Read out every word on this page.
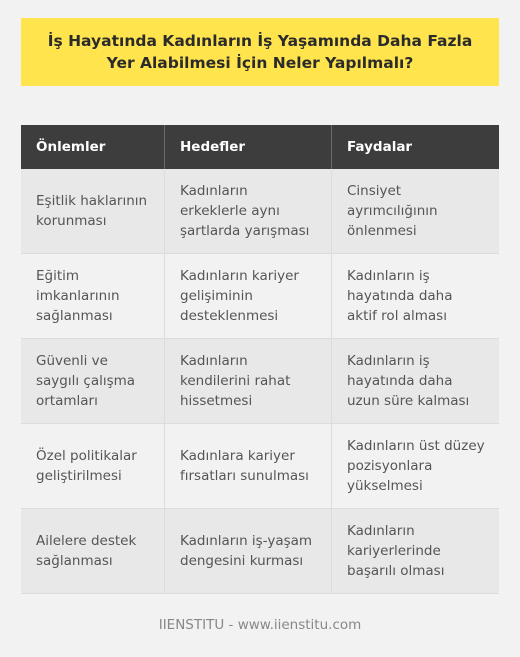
İş Hayatında Kadınların İş Yaşamında Daha Fazla Yer Alabilmesi İçin Neler Yapılmalı?
Önlemler	Hedefler	Faydalar
Eşitlik haklarının korunması
Kadınların erkeklerle aynı şartlarda yarışması
Cinsiyet ayrımcılığının önlenmesi
Eğitim imkanlarının sağlanması
Kadınların kariyer gelişiminin desteklenmesi
Kadınların iş hayatında daha aktif rol alması
Güvenli ve saygılı çalışma ortamları
Kadınların kendilerini rahat hissetmesi
Kadınların iş hayatında daha uzun süre kalması
Özel politikalar geliştirilmesi
Kadınlara kariyer fırsatları sunulması
Kadınların üst düzey pozisyonlara yükselmesi
Ailelere destek sağlanması
Kadınların iş-yaşam dengesini kurması
Kadınların kariyerlerinde başarılı olması
IIENSTITU - www.iienstitu.com
